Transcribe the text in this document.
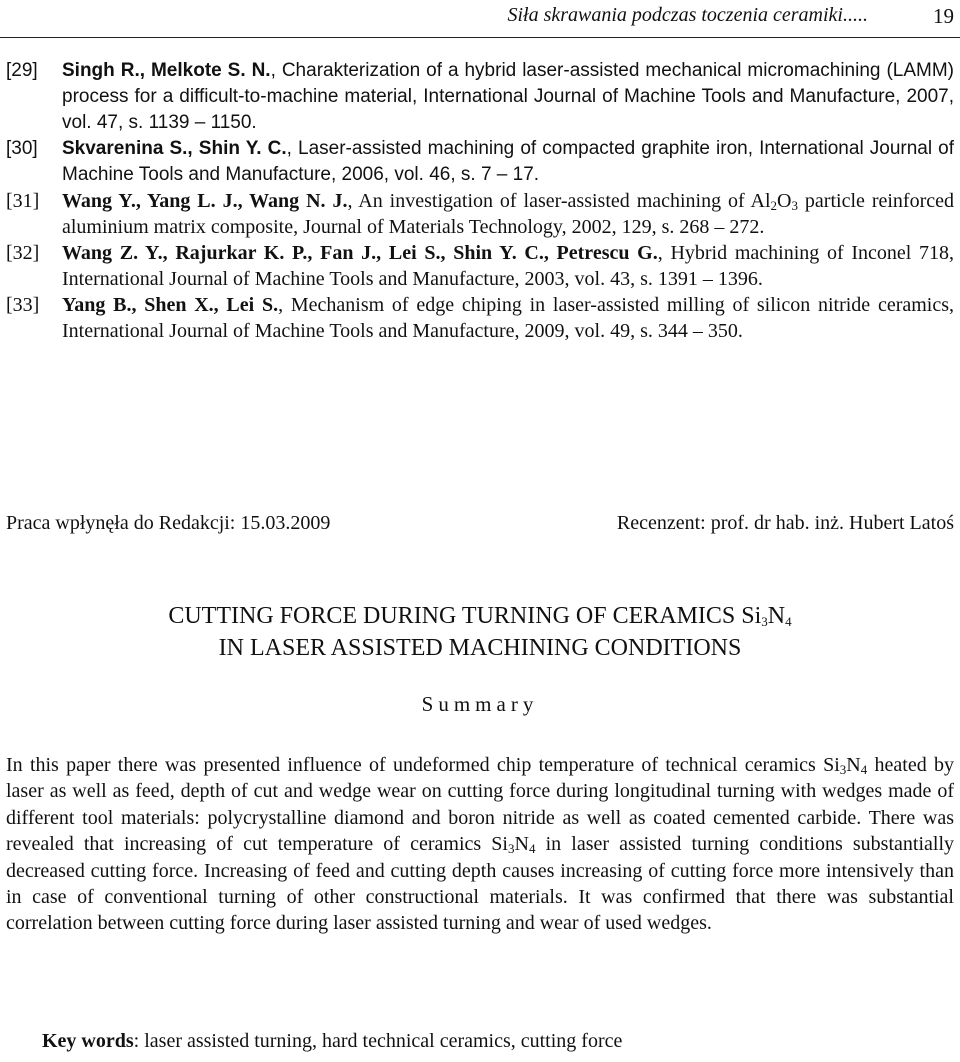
Siła skrawania podczas toczenia ceramiki.....	19
[29] Singh R., Melkote S. N., Charakterization of a hybrid laser-assisted mechanical micromachining (LAMM) process for a difficult-to-machine material, International Journal of Machine Tools and Manufacture, 2007, vol. 47, s. 1139 – 1150.
[30] Skvarenina S., Shin Y. C., Laser-assisted machining of compacted graphite iron, International Journal of Machine Tools and Manufacture, 2006, vol. 46, s. 7 – 17.
[31] Wang Y., Yang L. J., Wang N. J., An investigation of laser-assisted machining of $Al_2O_3$ particle reinforced aluminium matrix composite, Journal of Materials Technology, 2002, 129, s. 268 – 272.
[32] Wang Z. Y., Rajurkar K. P., Fan J., Lei S., Shin Y. C., Petrescu G., Hybrid machining of Inconel 718, International Journal of Machine Tools and Manufacture, 2003, vol. 43, s. 1391 – 1396.
[33] Yang B., Shen X., Lei S., Mechanism of edge chiping in laser-assisted milling of silicon nitride ceramics, International Journal of Machine Tools and Manufacture, 2009, vol. 49, s. 344 – 350.
Praca wpłynęła do Redakcji: 15.03.2009	Recenzent: prof. dr hab. inż. Hubert Latoś
CUTTING FORCE DURING TURNING OF CERAMICS $Si_3N_4$
IN LASER ASSISTED MACHINING CONDITIONS
Summary
In this paper there was presented influence of undeformed chip temperature of technical ceramics $Si_3N_4$ heated by laser as well as feed, depth of cut and wedge wear on cutting force during longitudinal turning with wedges made of different tool materials: polycrystalline diamond and boron nitride as well as coated cemented carbide. There was revealed that increasing of cut temperature of ceramics $Si_3N_4$ in laser assisted turning conditions substantially decreased cutting force. Increasing of feed and cutting depth causes increasing of cutting force more intensively than in case of conventional turning of other constructional materials. It was confirmed that there was substantial correlation between cutting force during laser assisted turning and wear of used wedges.
Key words: laser assisted turning, hard technical ceramics, cutting force
